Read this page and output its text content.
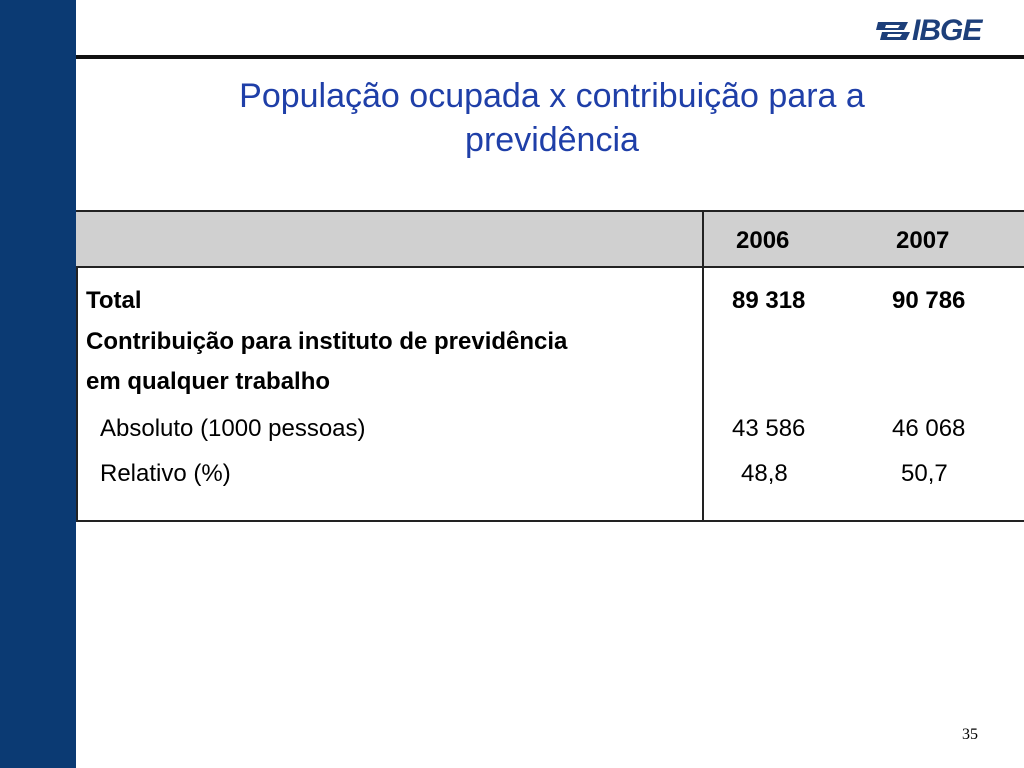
IBGE
População ocupada x contribuição para a
previdência
2006	2007
Total	89 318	90 786
Contribuição para instituto de previdência
em qualquer trabalho
Absoluto (1000 pessoas)	43 586	46 068
Relativo (%)	48,8	50,7
35
